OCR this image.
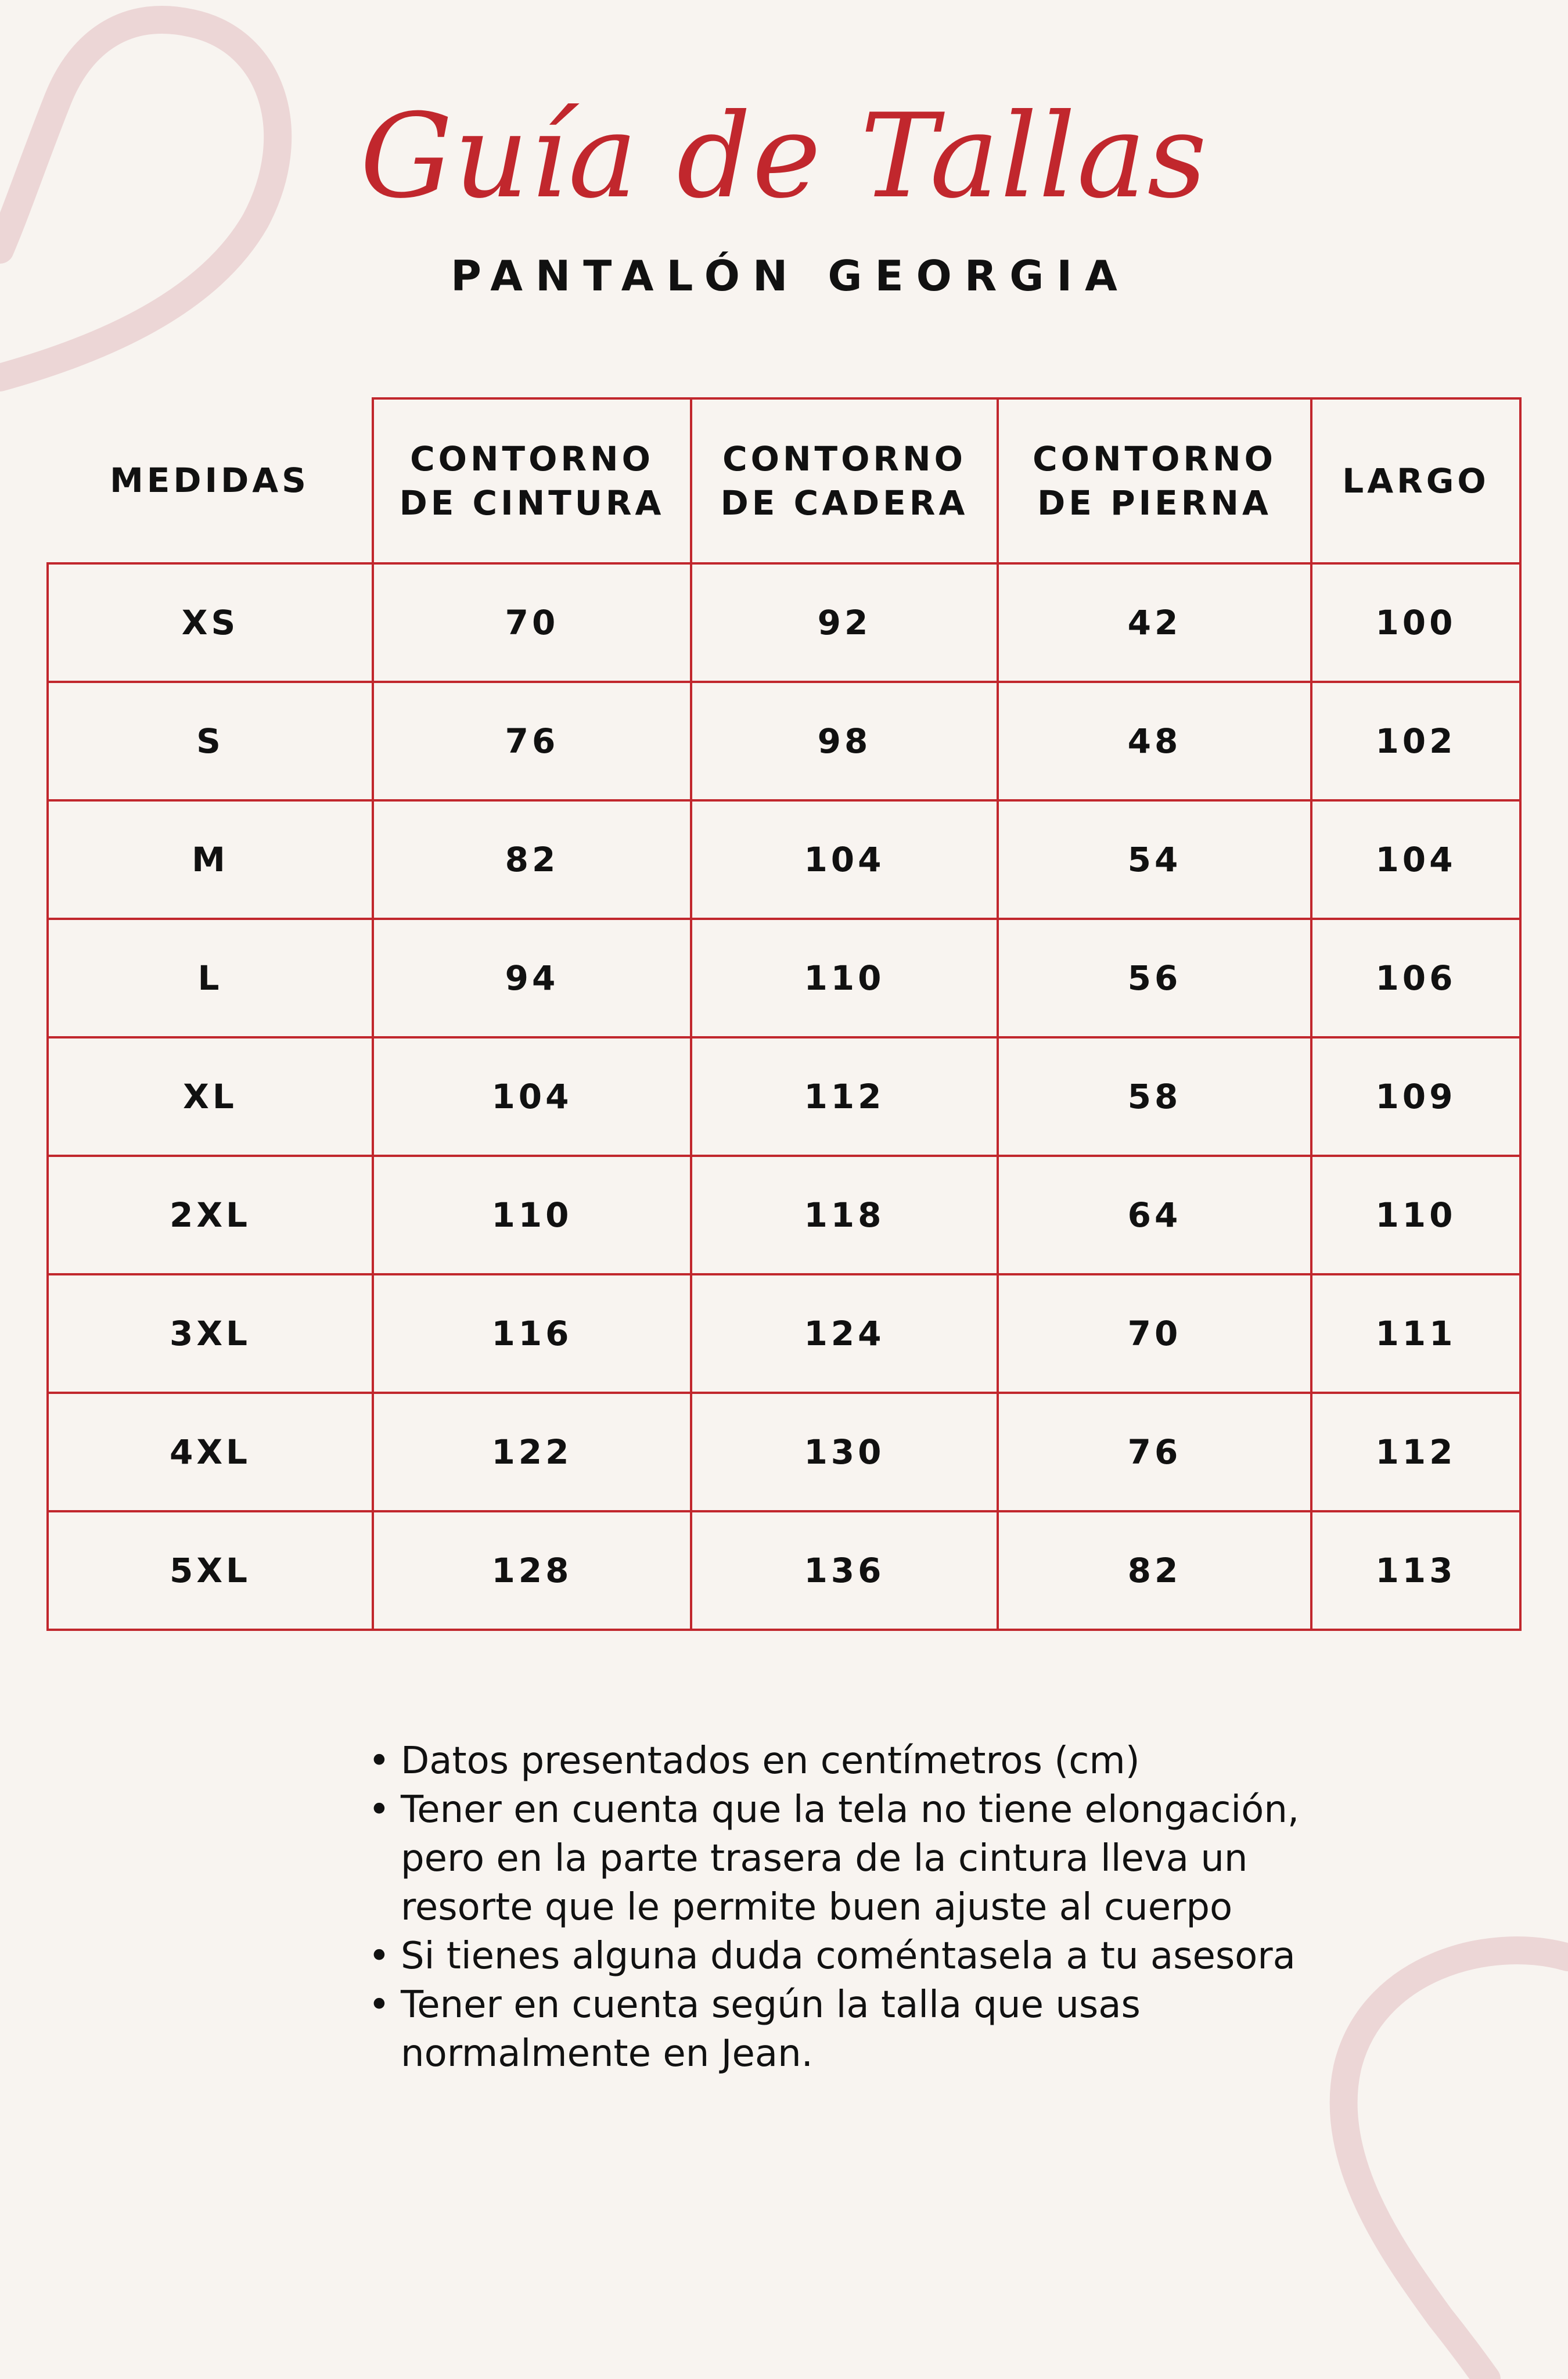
Guía de Tallas
PANTALÓN GEORGIA
MEDIDAS	CONTORNO DE CINTURA	CONTORNO DE CADERA	CONTORNO DE PIERNA	LARGO
XS	70	92	42	100
S	76	98	48	102
M	82	104	54	104
L	94	110	56	106
XL	104	112	58	109
2XL	110	118	64	110
3XL	116	124	70	111
4XL	122	130	76	112
5XL	128	136	82	113
• Datos presentados en centímetros (cm)
• Tener en cuenta que la tela no tiene elongación, pero en la parte trasera de la cintura lleva un resorte que le permite buen ajuste al cuerpo
• Si tienes alguna duda coméntasela a tu asesora
• Tener en cuenta según la talla que usas normalmente en Jean.
